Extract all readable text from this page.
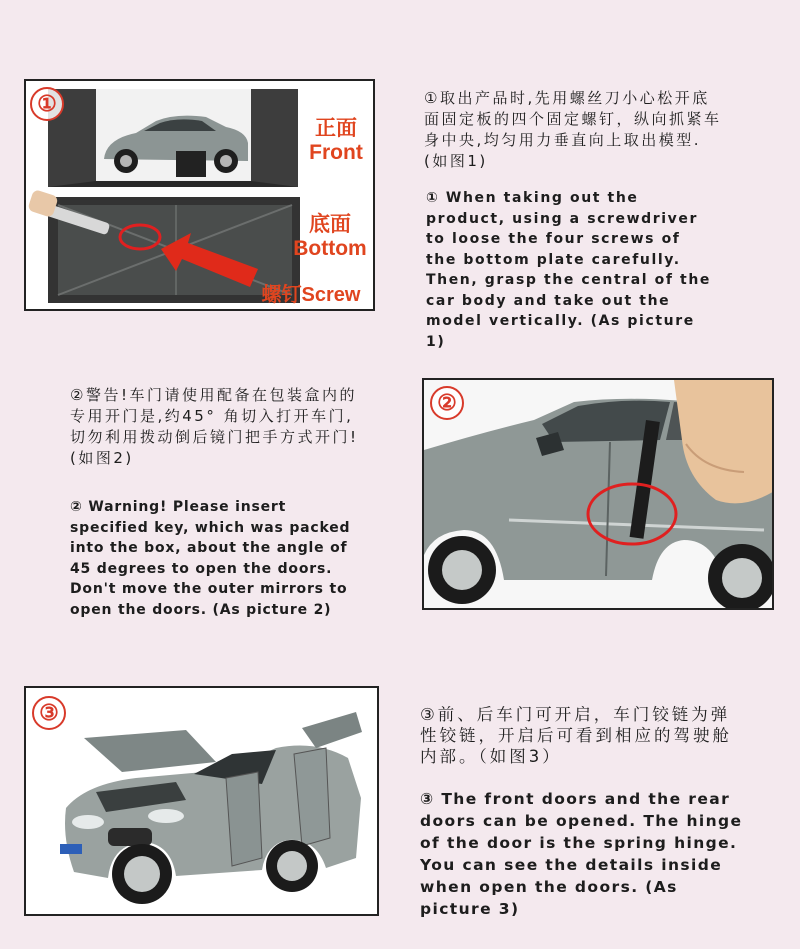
①
正面
Front
底面
Bottom
螺钉Screw
①取出产品时,先用螺丝刀小心松开底面固定板的四个固定螺钉，纵向抓紧车身中央,均匀用力垂直向上取出模型.(如图1)
① When taking out the product, using a screwdriver to loose the four screws of the bottom plate carefully. Then, grasp the central of the car body and take out the model vertically. (As picture 1)
②警告!车门请使用配备在包装盒内的专用开门是,约45° 角切入打开车门,切勿利用拨动倒后镜门把手方式开门!(如图2)
② Warning! Please insert specified key, which was packed into the box, about the angle of 45 degrees to open the doors. Don't move the outer mirrors to open the doors. (As picture 2)
②
③	③前、后车门可开启，车门铰链为弹性铰链，开启后可看到相应的驾驶舱内部。（如图3）
③ The front doors and the rear doors can be opened. The hinge of the door is the spring hinge. You can see the details inside when open the doors. (As picture 3)
